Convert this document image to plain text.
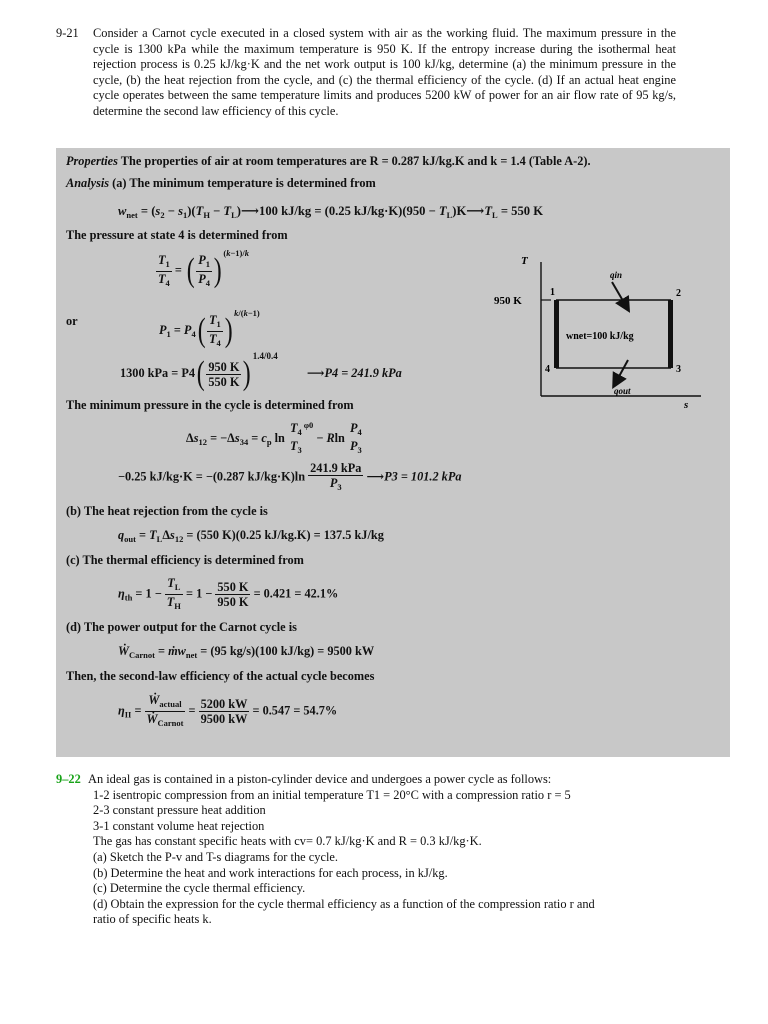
9-21 Consider a Carnot cycle executed in a closed system with air as the working fluid. The maximum pressure in the cycle is 1300 kPa while the maximum temperature is 950 K. If the entropy increase during the isothermal heat rejection process is 0.25 kJ/kg·K and the net work output is 100 kJ/kg, determine (a) the minimum pressure in the cycle, (b) the heat rejection from the cycle, and (c) the thermal efficiency of the cycle. (d) If an actual heat engine cycle operates between the same temperature limits and produces 5200 kW of power for an air flow rate of 95 kg/s, determine the second law efficiency of this cycle.
Properties The properties of air at room temperatures are R = 0.287 kJ/kg.K and k = 1.4 (Table A-2).
Analysis (a) The minimum temperature is determined from
$w_{net} = (s_2 - s_1)(T_H$ − $T_L)⟶100$ kJ/kg = (0.25 $kJ/kg\cdot K)(950 - T_L)K⟶T_L = 550$ K
The pressure at state 4 is determined from
$\frac{T_1}{T_4}$ = ( $\frac{P_1}{P_4}$ ) $^{(k-1)/k}$
or
$P_1 = P_4( \frac{T_1}{T_4}$ ) $^{k/(k-1)}$
1300 kPa = $P4( \frac{950 K}{550 K}$ ) $^{1.4/0.4}$ ⟶P4 = 241.9 kPa
The minimum pressure in the cycle is determined from
$\Delta s_{12} = -\Delta s_{34} = c_p$ ln
$T_4$
$T_3$
$^{\varphi 0}$ − Rln
$P_4$
$P_3$
−0.25 kJ/kg·K = −(0.287 $kJ/kg\cdot K)\ln \frac{\text{241.9 kPa}}{P_3}$ ⟶P3 = 101.2 kPa
(b) The heat rejection from the cycle is
$q_{out} = T_L\Delta s_{12} = (550$ K)(0.25 kJ/kg.K) = 137.5 kJ/kg
(c) The thermal efficiency is determined from
$\eta_{th} = 1 - \frac{T_L}{T_H} = 1 - \frac{550 K}{950 K} = 0.421 = 42.1\%$
(d) The power output for the Carnot cycle is
Ẇ$_{Carnot}$ = ṁw$_{net}$ = (95 kg/s)(100 kJ/kg) = 9500 kW
Then, the second-law efficiency of the actual cycle becomes
$\eta_{II} = \frac{Ẇ_{actual}}{Ẇ_{Carnot}} = \frac{5200 kW}{9500 kW} = 0.547 = 54.7\%$
T
s
950 K
1	2
3
4
qin
wnet=100 kJ/kg
qout
9–22 An ideal gas is contained in a piston-cylinder device and undergoes a power cycle as follows:
1-2 isentropic compression from an initial temperature T1 = 20°C with a compression ratio r = 5
2-3 constant pressure heat addition
3-1 constant volume heat rejection
The gas has constant specific heats with cv= 0.7 kJ/kg·K and R = 0.3 kJ/kg·K.
(a) Sketch the P-v and T-s diagrams for the cycle.
(b) Determine the heat and work interactions for each process, in kJ/kg.
(c) Determine the cycle thermal efficiency.
(d) Obtain the expression for the cycle thermal efficiency as a function of the compression ratio r and
ratio of specific heats k.
